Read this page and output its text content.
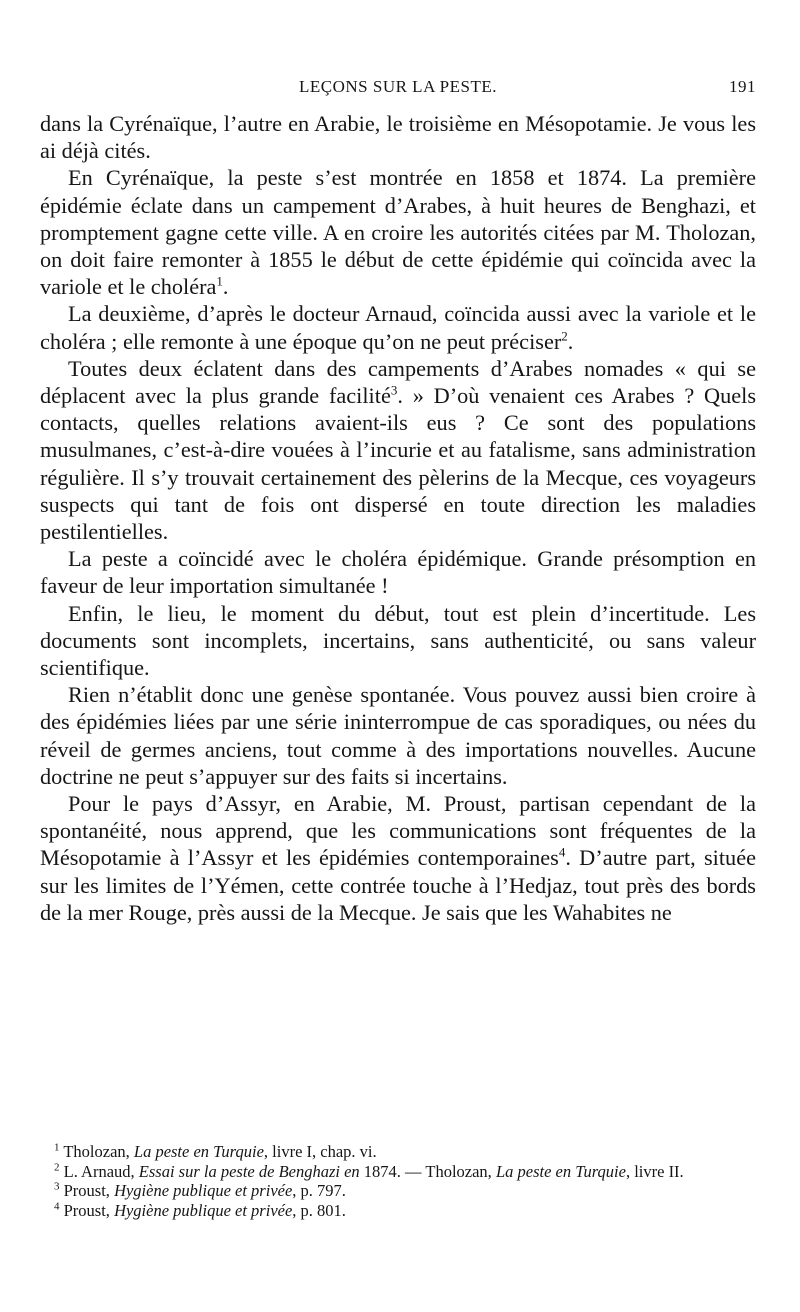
LEÇONS SUR LA PESTE.	191

dans la Cyrénaïque, l’autre en Arabie, le troisième en Mésopotamie. Je vous les ai déjà cités.

En Cyrénaïque, la peste s’est montrée en 1858 et 1874. La première épidémie éclate dans un campement d’Arabes, à huit heures de Benghazi, et promptement gagne cette ville. A en croire les autorités citées par M. Tholozan, on doit faire remonter à 1855 le début de cette épidémie qui coïncida avec la variole et le choléra$^1$.

La deuxième, d’après le docteur Arnaud, coïncida aussi avec la variole et le choléra ; elle remonte à une époque qu’on ne peut préciser$^2$.

Toutes deux éclatent dans des campements d’Arabes nomades « qui se déplacent avec la plus grande facilité$^3$. » D’où venaient ces Arabes ? Quels contacts, quelles relations avaient-ils eus ? Ce sont des populations musulmanes, c’est-à-dire vouées à l’incurie et au fatalisme, sans administration régulière. Il s’y trouvait certainement des pèlerins de la Mecque, ces voyageurs suspects qui tant de fois ont dispersé en toute direction les maladies pestilentielles.

La peste a coïncidé avec le choléra épidémique. Grande présomption en faveur de leur importation simultanée !

Enfin, le lieu, le moment du début, tout est plein d’incertitude. Les documents sont incomplets, incertains, sans authenticité, ou sans valeur scientifique.

Rien n’établit donc une genèse spontanée. Vous pouvez aussi bien croire à des épidémies liées par une série ininterrompue de cas sporadiques, ou nées du réveil de germes anciens, tout comme à des importations nouvelles. Aucune doctrine ne peut s’appuyer sur des faits si incertains.

Pour le pays d’Assyr, en Arabie, M. Proust, partisan cependant de la spontanéité, nous apprend, que les communications sont fréquentes de la Mésopotamie à l’Assyr et les épidémies contemporaines$^4$. D’autre part, située sur les limites de l’Yémen, cette contrée touche à l’Hedjaz, tout près des bords de la mer Rouge, près aussi de la Mecque. Je sais que les Wahabites ne

$^1$ Tholozan, La peste en Turquie, livre I, chap. vi.
$^2$ L. Arnaud, Essai sur la peste de Benghazi en 1874. — Tholozan, La peste en Turquie, livre II.
$^3$ Proust, Hygiène publique et privée, p. 797.
$^4$ Proust, Hygiène publique et privée, p. 801.
